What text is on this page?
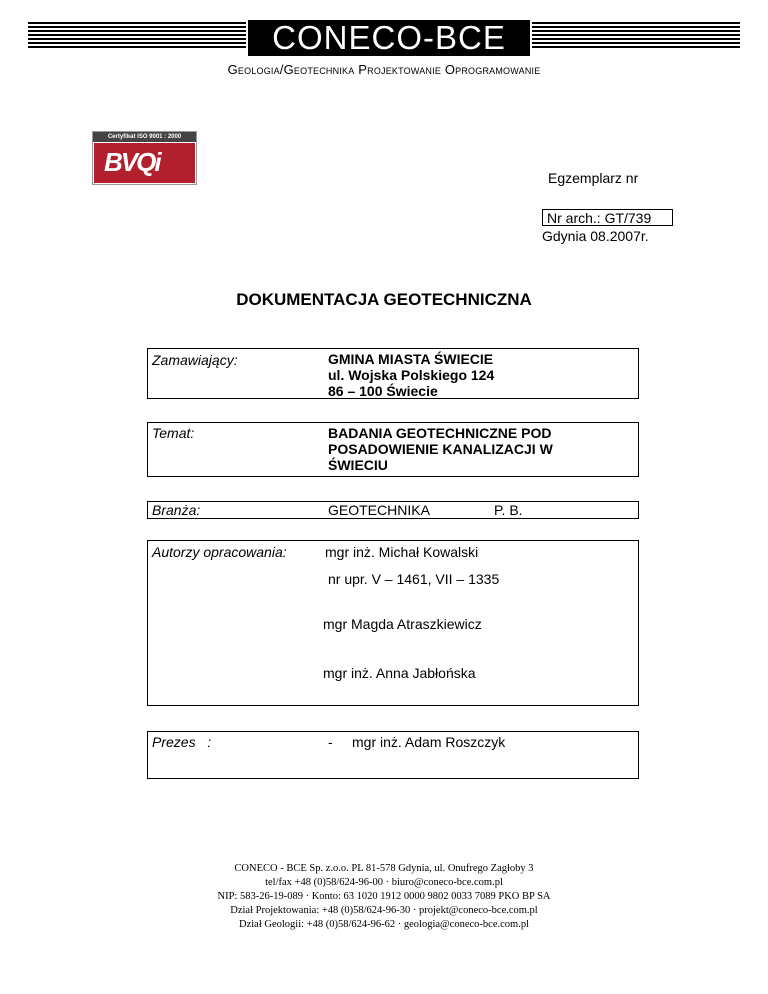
CONECO-BCE
Geologia/Geotechnika Projektowanie Oprogramowanie
Certyfikat ISO 9001 : 2000
BVQi
Egzemplarz nr
Nr arch.: GT/739
Gdynia 08.2007r.
DOKUMENTACJA GEOTECHNICZNA
Zamawiający:	GMINA MIASTA ŚWIECIE
ul. Wojska Polskiego 124
86 – 100 Świecie
Temat:	BADANIA GEOTECHNICZNE POD
POSADOWIENIE KANALIZACJI W
ŚWIECIU
Branża:	GEOTECHNIKA	P. B.
Autorzy opracowania:	mgr inż. Michał Kowalski
nr upr. V – 1461, VII – 1335
mgr Magda Atraszkiewicz
mgr inż. Anna Jabłońska
Prezes   :	- mgr inż. Adam Roszczyk
CONECO - BCE Sp. z.o.o. PL 81-578 Gdynia, ul. Onufrego Zagłoby 3
tel/fax +48 (0)58/624-96-00 · biuro@coneco-bce.com.pl
NIP: 583-26-19-089 · Konto: 63 1020 1912 0000 9802 0033 7089 PKO BP SA
Dział Projektowania: +48 (0)58/624-96-30 · projekt@coneco-bce.com.pl
Dział Geologii: +48 (0)58/624-96-62 · geologia@coneco-bce.com.pl
